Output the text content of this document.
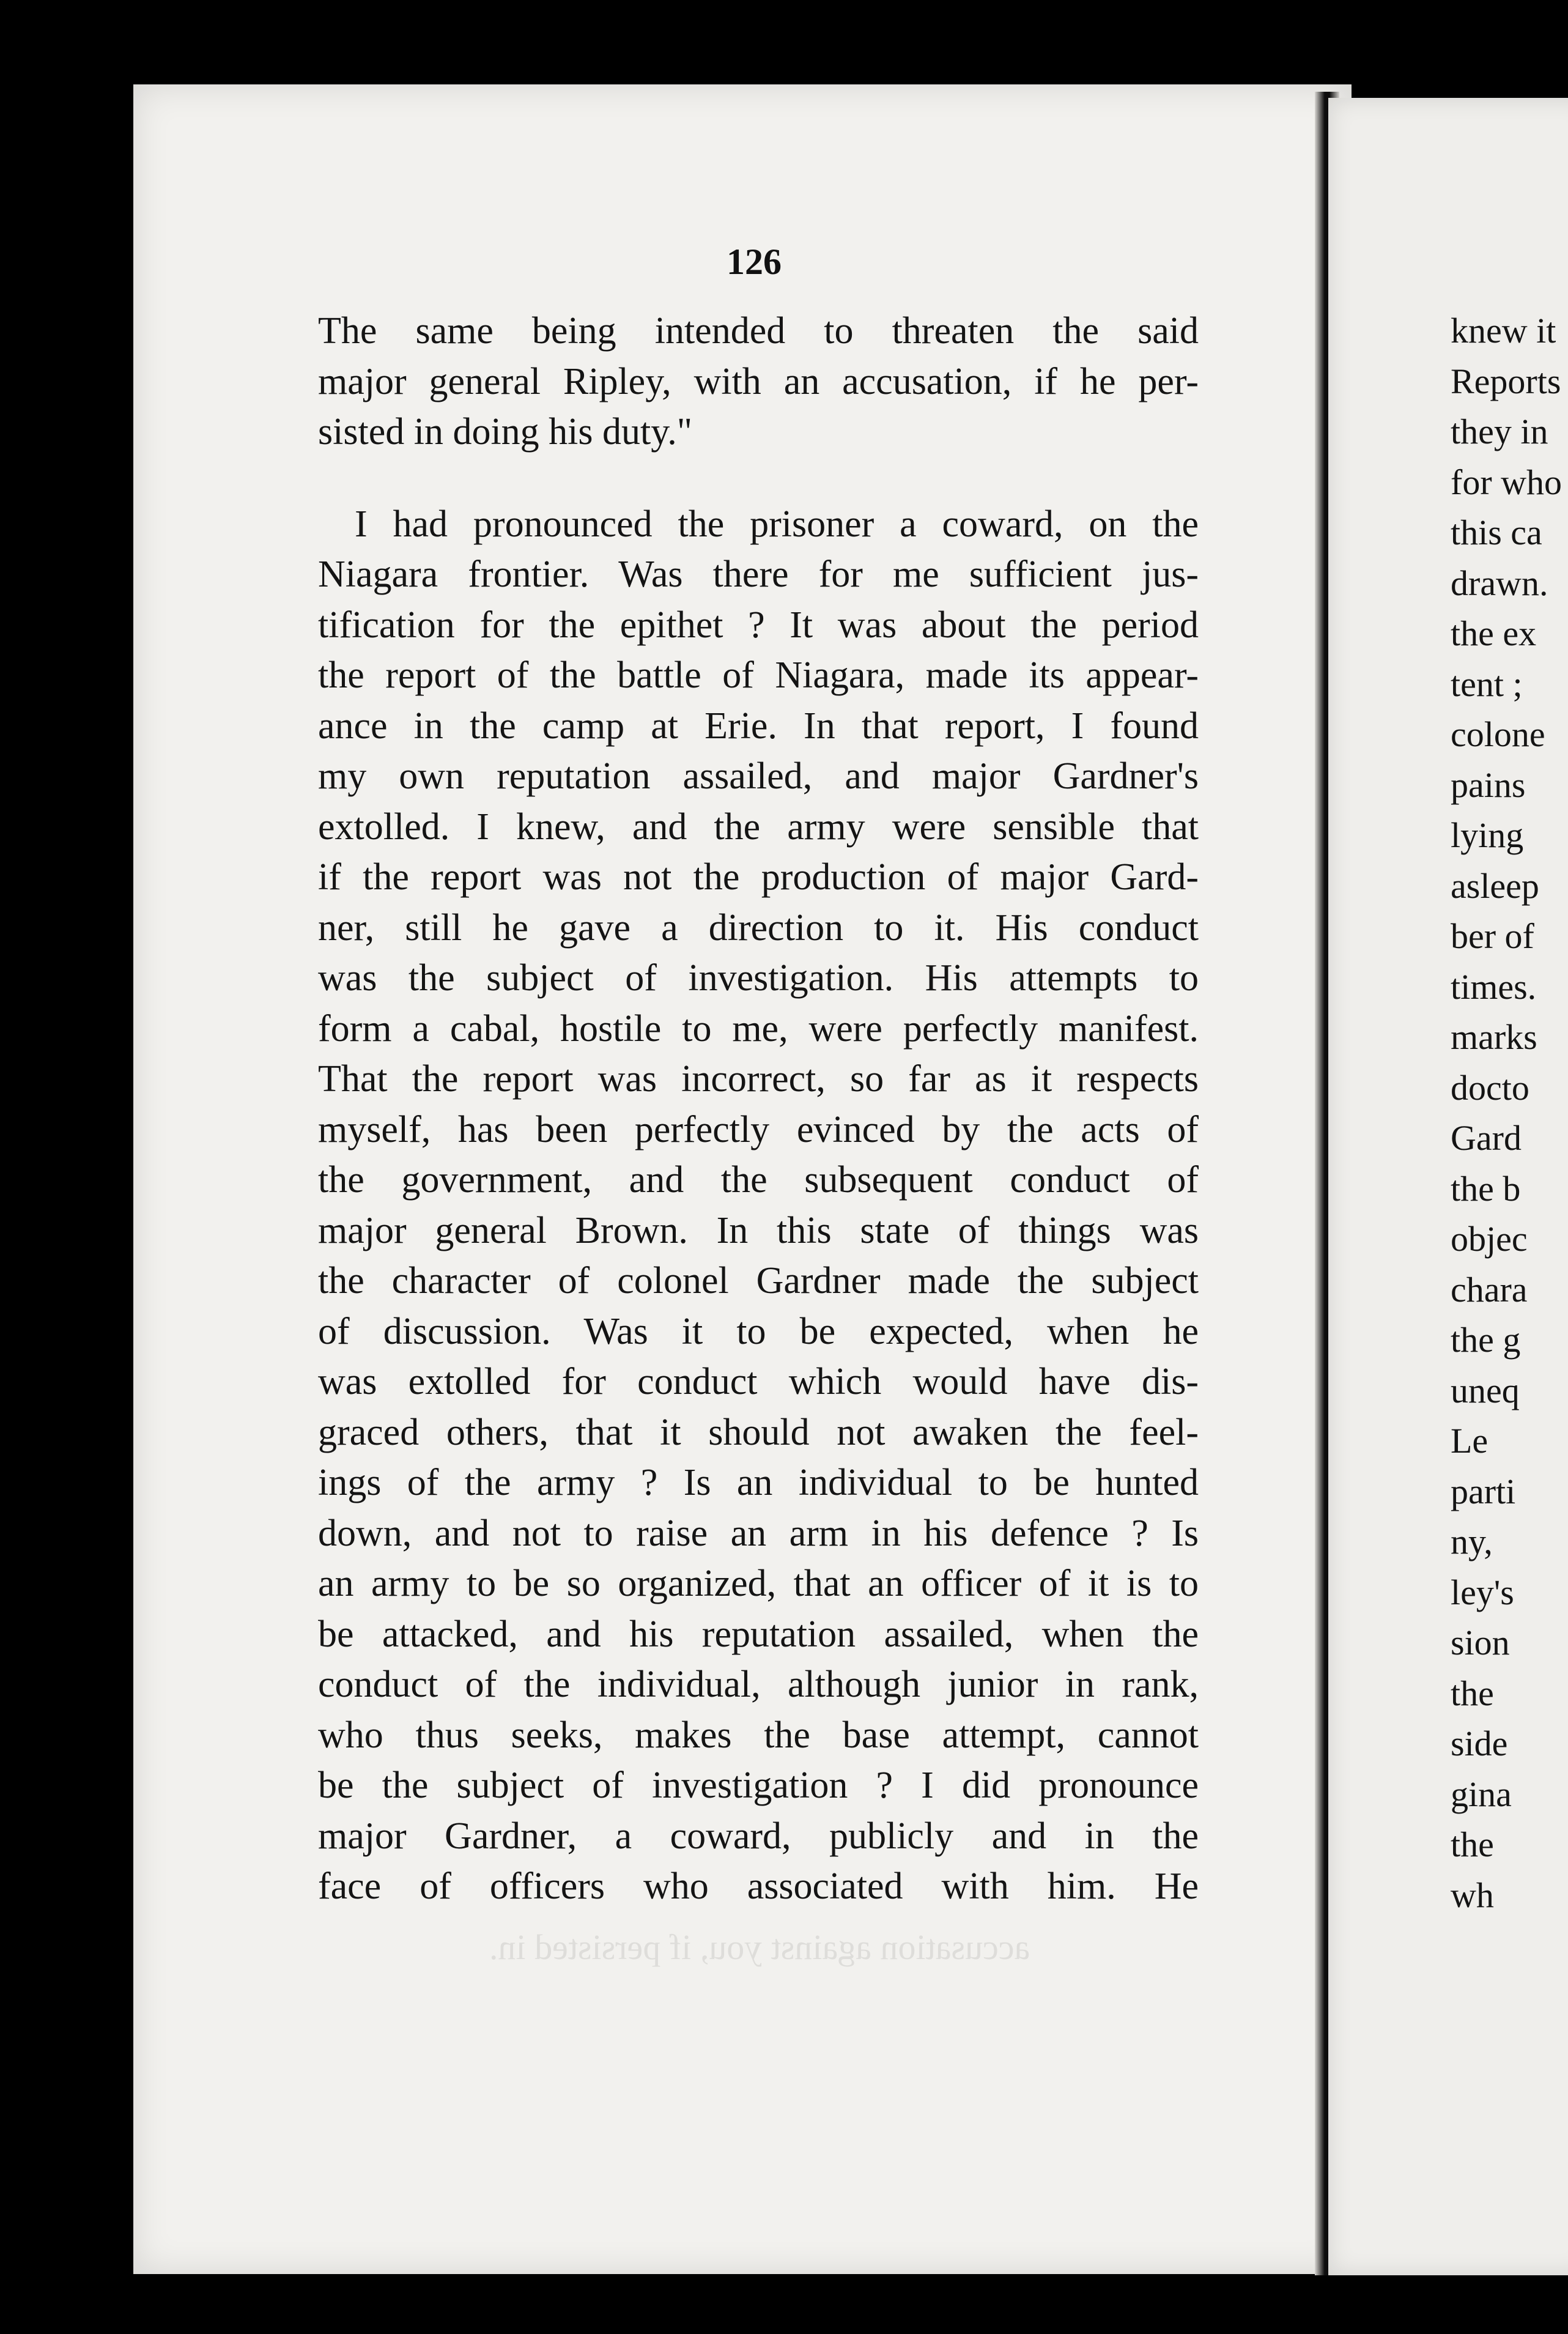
126
The same being intended to threaten the said
major general Ripley, with an accusation, if he per-
sisted in doing his duty."
I had pronounced the prisoner a coward, on the
Niagara frontier. Was there for me sufficient jus-
tification for the epithet ? It was about the period
the report of the battle of Niagara, made its appear-
ance in the camp at Erie. In that report, I found
my own reputation assailed, and major Gardner's
extolled. I knew, and the army were sensible that
if the report was not the production of major Gard-
ner, still he gave a direction to it. His conduct
was the subject of investigation. His attempts to
form a cabal, hostile to me, were perfectly manifest.
That the report was incorrect, so far as it respects
myself, has been perfectly evinced by the acts of
the government, and the subsequent conduct of
major general Brown. In this state of things was
the character of colonel Gardner made the subject
of discussion. Was it to be expected, when he
was extolled for conduct which would have dis-
graced others, that it should not awaken the feel-
ings of the army ? Is an individual to be hunted
down, and not to raise an arm in his defence ? Is
an army to be so organized, that an officer of it is to
be attacked, and his reputation assailed, when the
conduct of the individual, although junior in rank,
who thus seeks, makes the base attempt, cannot
be the subject of investigation ? I did pronounce
major Gardner, a coward, publicly and in the
face of officers who associated with him. He
knew it
Reports
they in
for who
this ca
drawn.
the ex
tent ;
colone
pains
lying
asleep
ber of
times.
marks
docto
Gard
the b
objec
chara
the g
uneq
Le
parti
ny,
ley's
sion
the
side
gina
the
wh
accusation against you, if persisted in.
